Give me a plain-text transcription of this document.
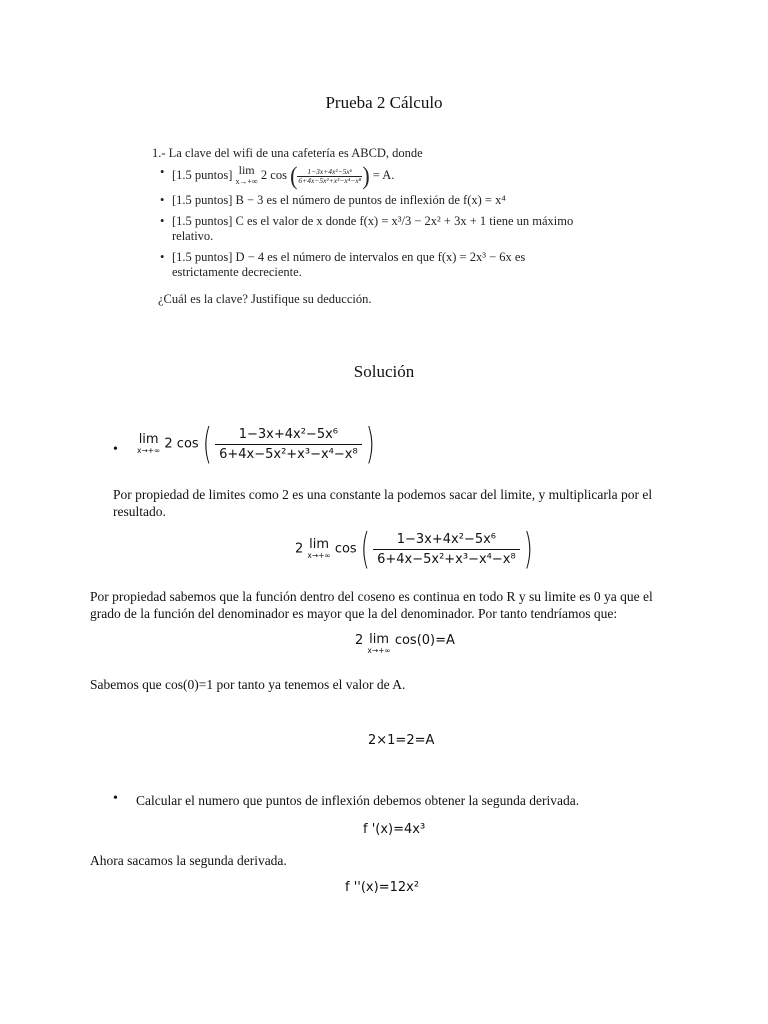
Prueba 2 Cálculo
1.- La clave del wifi de una cafetería es ABCD, donde
• [1.5 puntos] lim
x→+∞ 2 cos ( $\frac{\text{1−3x+4x²−5x⁶}}{\text{6+4x−5x²+x³−x⁴−x⁸}}$ ) = A.
• [1.5 puntos] B − 3 es el número de puntos de inflexión de f(x) = x⁴
• [1.5 puntos] C es el valor de x donde f(x) = x³/3 − 2x² + 3x + 1 tiene un máximo relativo.
• [1.5 puntos] D − 4 es el número de intervalos en que f(x) = 2x³ − 6x es estrictamente decreciente.
¿Cuál es la clave? Justifique su deducción.
Solución
•
lim
x→+∞ 2 $\cos( \frac{\text{1−3x+4x²−5x⁶}}{\text{6+4x−5x²+x³−x⁴−x⁸}}$ )
Por propiedad de limites como 2 es una constante la podemos sacar del limite, y multiplicarla por el resultado.
2 lim
x→+∞ $\cos( \frac{\text{1−3x+4x²−5x⁶}}{\text{6+4x−5x²+x³−x⁴−x⁸}}$ )
Por propiedad sabemos que la función dentro del coseno es continua en todo R y su limite es 0 ya que el grado de la función del denominador es mayor que la del denominador. Por tanto tendríamos que:
2 lim
x→+∞
cos(0)=A
Sabemos que cos(0)=1 por tanto ya tenemos el valor de A.
2×1=2=A
• Calcular el numero que puntos de inflexión debemos obtener la segunda derivada.
f '(x)=4x³
Ahora sacamos la segunda derivada.
f ''(x)=12x²
